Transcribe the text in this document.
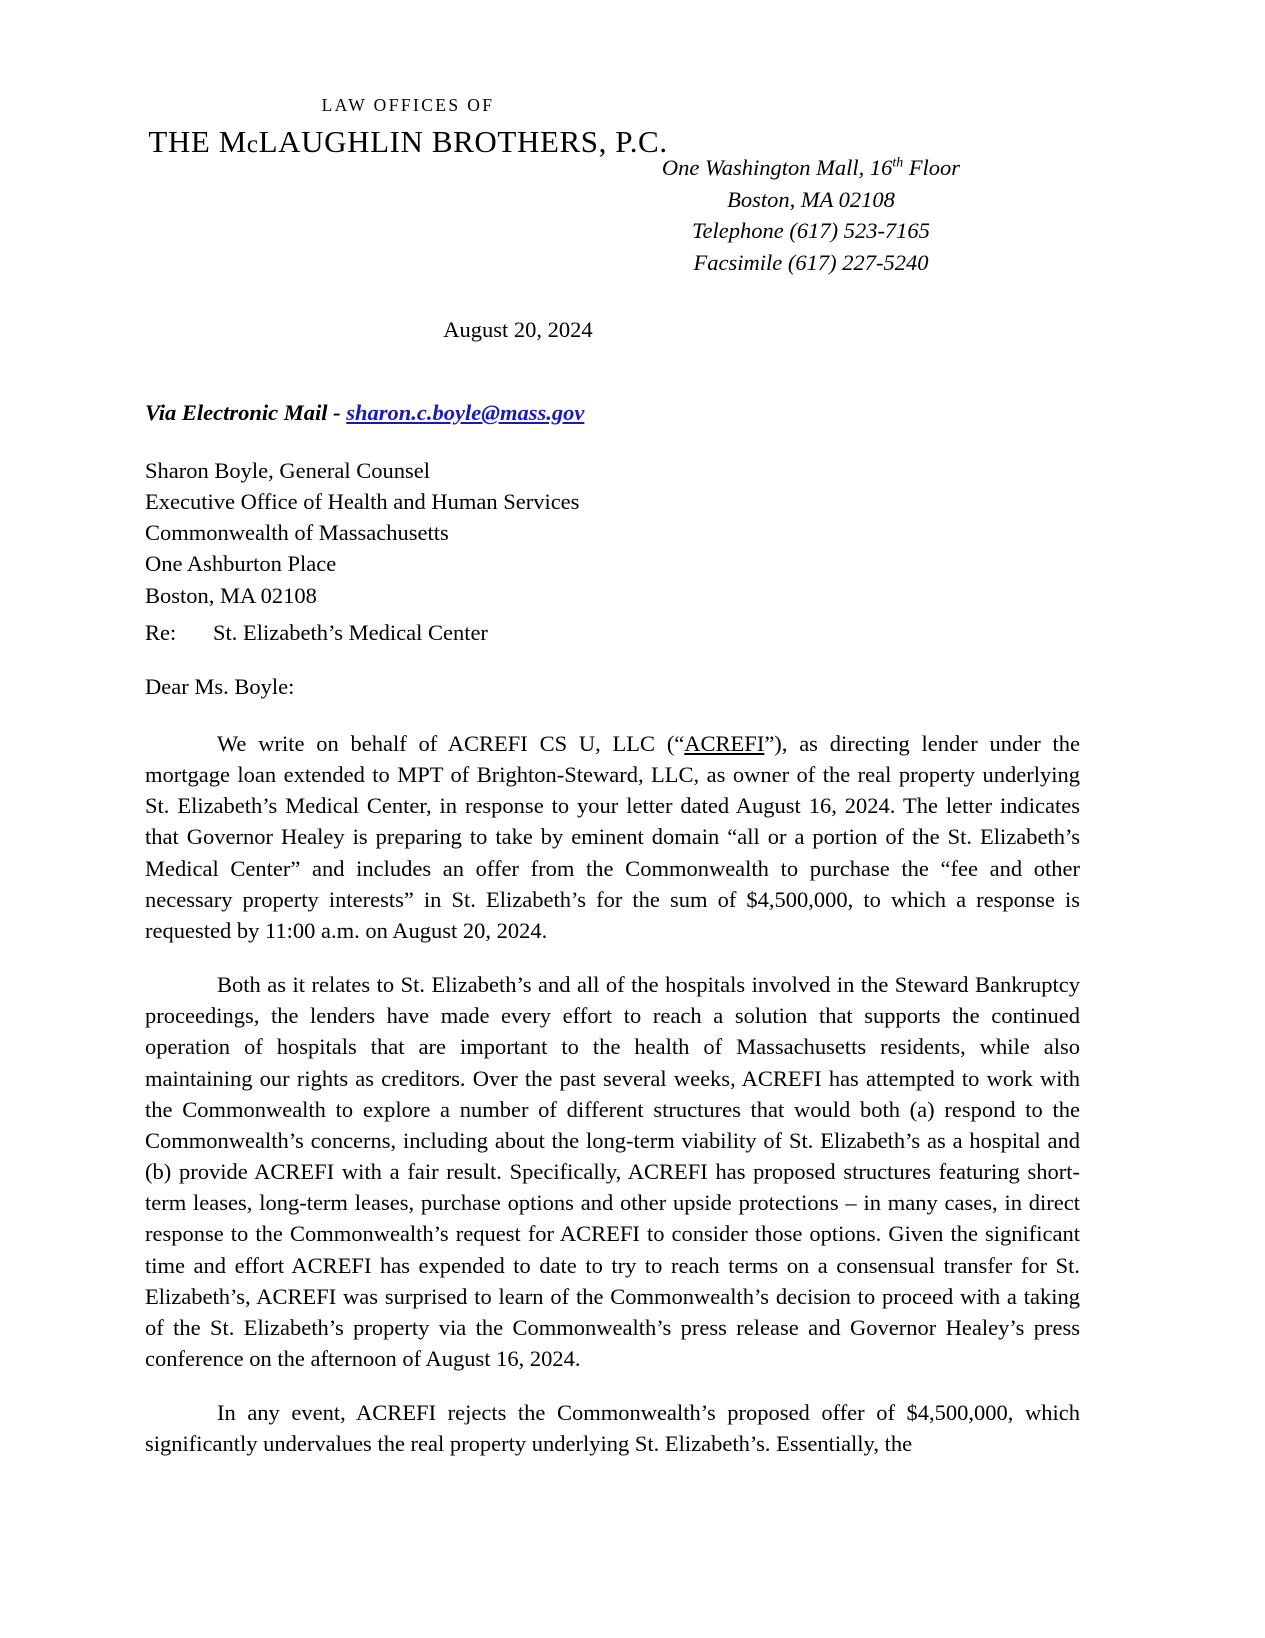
LAW OFFICES OF
THE McLAUGHLIN BROTHERS, P.C.
One Washington Mall, 16th Floor
Boston, MA 02108
Telephone (617) 523-7165
Facsimile (617) 227-5240
August 20, 2024
Via Electronic Mail - sharon.c.boyle@mass.gov
Sharon Boyle, General Counsel
Executive Office of Health and Human Services
Commonwealth of Massachusetts
One Ashburton Place
Boston, MA 02108
Re: St. Elizabeth’s Medical Center
Dear Ms. Boyle:

We write on behalf of ACREFI CS U, LLC (“ACREFI”), as directing lender under the mortgage loan extended to MPT of Brighton-Steward, LLC, as owner of the real property underlying St. Elizabeth’s Medical Center, in response to your letter dated August 16, 2024. The letter indicates that Governor Healey is preparing to take by eminent domain “all or a portion of the St. Elizabeth’s Medical Center” and includes an offer from the Commonwealth to purchase the “fee and other necessary property interests” in St. Elizabeth’s for the sum of $4,500,000, to which a response is requested by 11:00 a.m. on August 20, 2024.

Both as it relates to St. Elizabeth’s and all of the hospitals involved in the Steward Bankruptcy proceedings, the lenders have made every effort to reach a solution that supports the continued operation of hospitals that are important to the health of Massachusetts residents, while also maintaining our rights as creditors. Over the past several weeks, ACREFI has attempted to work with the Commonwealth to explore a number of different structures that would both (a) respond to the Commonwealth’s concerns, including about the long-term viability of St. Elizabeth’s as a hospital and (b) provide ACREFI with a fair result. Specifically, ACREFI has proposed structures featuring short-term leases, long-term leases, purchase options and other upside protections – in many cases, in direct response to the Commonwealth’s request for ACREFI to consider those options. Given the significant time and effort ACREFI has expended to date to try to reach terms on a consensual transfer for St. Elizabeth’s, ACREFI was surprised to learn of the Commonwealth’s decision to proceed with a taking of the St. Elizabeth’s property via the Commonwealth’s press release and Governor Healey’s press conference on the afternoon of August 16, 2024.

In any event, ACREFI rejects the Commonwealth’s proposed offer of $4,500,000, which significantly undervalues the real property underlying St. Elizabeth’s. Essentially, the
